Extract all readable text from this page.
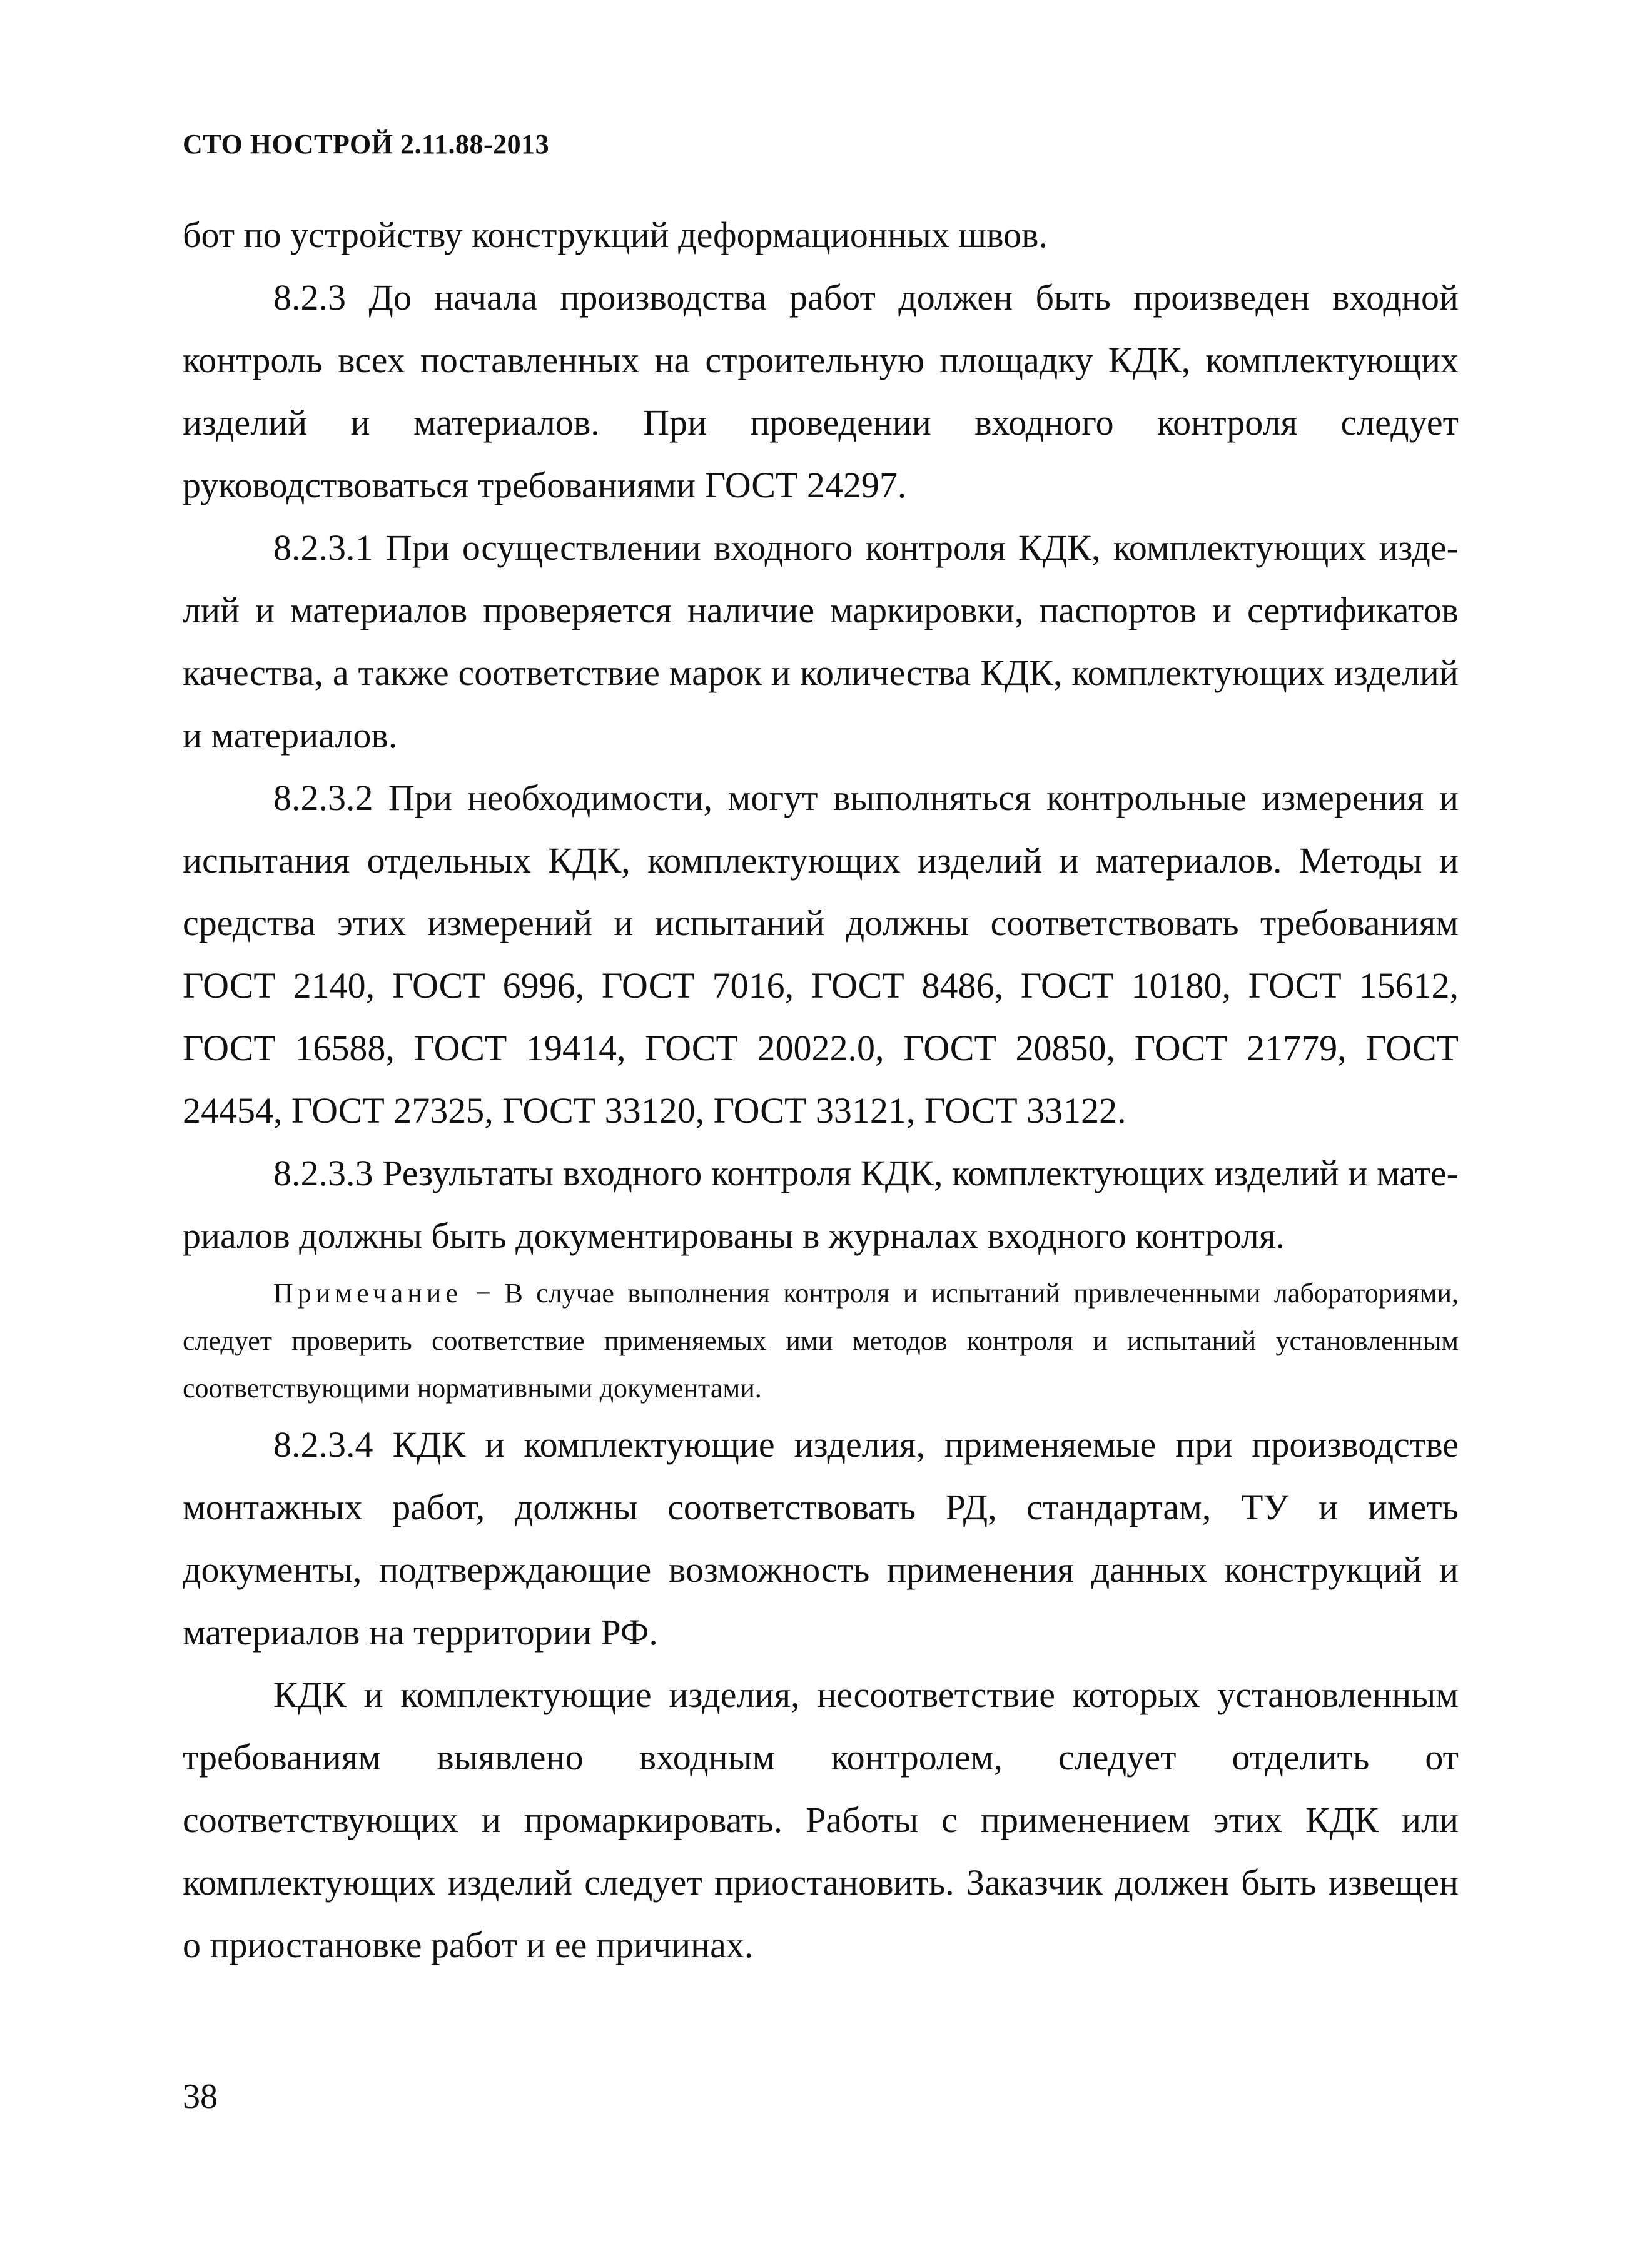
СТО НОСТРОЙ 2.11.88-2013

бот по устройству конструкций деформационных швов.

8.2.3 До начала производства работ должен быть произведен входной контроль всех поставленных на строительную площадку КДК, комплектующих изделий и материалов. При проведении входного контроля следует руководствоваться требованиями ГОСТ 24297.

8.2.3.1 При осуществлении входного контроля КДК, комплектующих изделий и материалов проверяется наличие маркировки, паспортов и сертификатов качества, а также соответствие марок и количества КДК, комплектующих изделий и материалов.

8.2.3.2 При необходимости, могут выполняться контрольные измерения и испытания отдельных КДК, комплектующих изделий и материалов. Методы и средства этих измерений и испытаний должны соответствовать требованиям ГОСТ 2140, ГОСТ 6996, ГОСТ 7016, ГОСТ 8486, ГОСТ 10180, ГОСТ 15612, ГОСТ 16588, ГОСТ 19414, ГОСТ 20022.0, ГОСТ 20850, ГОСТ 21779, ГОСТ 24454, ГОСТ 27325, ГОСТ 33120, ГОСТ 33121, ГОСТ 33122.

8.2.3.3 Результаты входного контроля КДК, комплектующих изделий и материалов должны быть документированы в журналах входного контроля.

Примечание − В случае выполнения контроля и испытаний привлеченными лабораториями, следует проверить соответствие применяемых ими методов контроля и испытаний установленным соответствующими нормативными документами.

8.2.3.4 КДК и комплектующие изделия, применяемые при производстве монтажных работ, должны соответствовать РД, стандартам, ТУ и иметь документы, подтверждающие возможность применения данных конструкций и материалов на территории РФ.

КДК и комплектующие изделия, несоответствие которых установленным требованиям выявлено входным контролем, следует отделить от соответствующих и промаркировать. Работы с применением этих КДК или комплектующих изделий следует приостановить. Заказчик должен быть извещен о приостановке работ и ее причинах.

38
